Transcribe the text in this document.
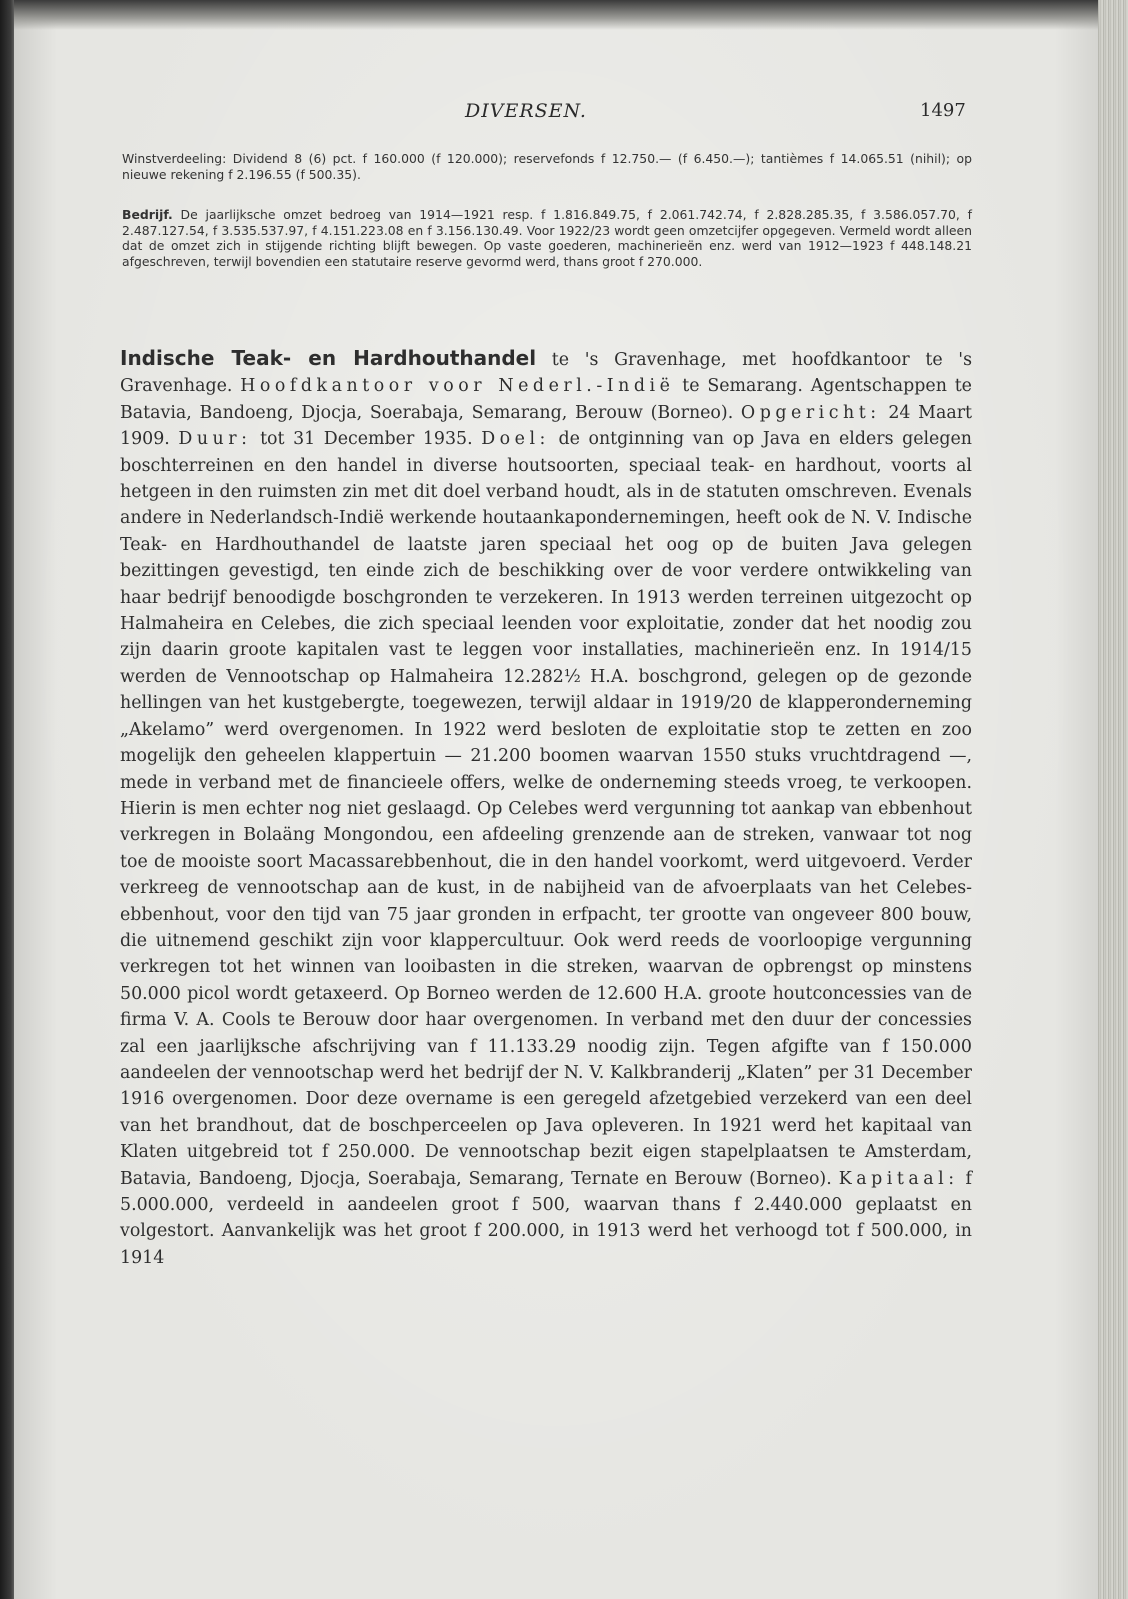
DIVERSEN.	1497

Winstverdeeling: Dividend 8 (6) pct. f 160.000 (f 120.000); reservefonds f 12.750.— (f 6.450.—); tantièmes f 14.065.51 (nihil); op nieuwe rekening f 2.196.55 (f 500.35).

Bedrijf. De jaarlijksche omzet bedroeg van 1914—1921 resp. f 1.816.849.75, f 2.061.742.74, f 2.828.285.35, f 3.586.057.70, f 2.487.127.54, f 3.535.537.97, f 4.151.223.08 en f 3.156.130.49. Voor 1922/23 wordt geen omzetcijfer opgegeven. Vermeld wordt alleen dat de omzet zich in stijgende richting blijft bewegen. Op vaste goederen, machinerieën enz. werd van 1912—1923 f 448.148.21 afgeschreven, terwijl bovendien een statutaire reserve gevormd werd, thans groot f 270.000.

Indische Teak- en Hardhouthandel te 's Gravenhage, met hoofdkantoor te 's Gravenhage. Hoofdkantoor voor Nederl.-Indië te Semarang. Agentschappen te Batavia, Bandoeng, Djocja, Soerabaja, Semarang, Berouw (Borneo). Opgericht: 24 Maart 1909. Duur: tot 31 December 1935. Doel: de ontginning van op Java en elders gelegen boschterreinen en den handel in diverse houtsoorten, speciaal teak- en hardhout, voorts al hetgeen in den ruimsten zin met dit doel verband houdt, als in de statuten omschreven. Evenals andere in Nederlandsch-Indië werkende houtaankapondernemingen, heeft ook de N. V. Indische Teak- en Hardhouthandel de laatste jaren speciaal het oog op de buiten Java gelegen bezittingen gevestigd, ten einde zich de beschikking over de voor verdere ontwikkeling van haar bedrijf benoodigde boschgronden te verzekeren. In 1913 werden terreinen uitgezocht op Halmaheira en Celebes, die zich speciaal leenden voor exploitatie, zonder dat het noodig zou zijn daarin groote kapitalen vast te leggen voor installaties, machinerieën enz. In 1914/15 werden de Vennootschap op Halmaheira 12.282½ H.A. boschgrond, gelegen op de gezonde hellingen van het kustgebergte, toegewezen, terwijl aldaar in 1919/20 de klapperonderneming „Akelamo” werd overgenomen. In 1922 werd besloten de exploitatie stop te zetten en zoo mogelijk den geheelen klappertuin — 21.200 boomen waarvan 1550 stuks vruchtdragend —, mede in verband met de financieele offers, welke de onderneming steeds vroeg, te verkoopen. Hierin is men echter nog niet geslaagd. Op Celebes werd vergunning tot aankap van ebbenhout verkregen in Bolaäng Mongondou, een afdeeling grenzende aan de streken, vanwaar tot nog toe de mooiste soort Macassarebbenhout, die in den handel voorkomt, werd uitgevoerd. Verder verkreeg de vennootschap aan de kust, in de nabijheid van de afvoerplaats van het Celebes-ebbenhout, voor den tijd van 75 jaar gronden in erfpacht, ter grootte van ongeveer 800 bouw, die uitnemend geschikt zijn voor klappercultuur. Ook werd reeds de voorloopige vergunning verkregen tot het winnen van looibasten in die streken, waarvan de opbrengst op minstens 50.000 picol wordt getaxeerd. Op Borneo werden de 12.600 H.A. groote houtconcessies van de firma V. A. Cools te Berouw door haar overgenomen. In verband met den duur der concessies zal een jaarlijksche afschrijving van f 11.133.29 noodig zijn. Tegen afgifte van f 150.000 aandeelen der vennootschap werd het bedrijf der N. V. Kalkbranderij „Klaten” per 31 December 1916 overgenomen. Door deze overname is een geregeld afzetgebied verzekerd van een deel van het brandhout, dat de boschperceelen op Java opleveren. In 1921 werd het kapitaal van Klaten uitgebreid tot f 250.000. De vennootschap bezit eigen stapelplaatsen te Amsterdam, Batavia, Bandoeng, Djocja, Soerabaja, Semarang, Ternate en Berouw (Borneo). Kapitaal: f 5.000.000, verdeeld in aandeelen groot f 500, waarvan thans f 2.440.000 geplaatst en volgestort. Aanvankelijk was het groot f 200.000, in 1913 werd het verhoogd tot f 500.000, in 1914
